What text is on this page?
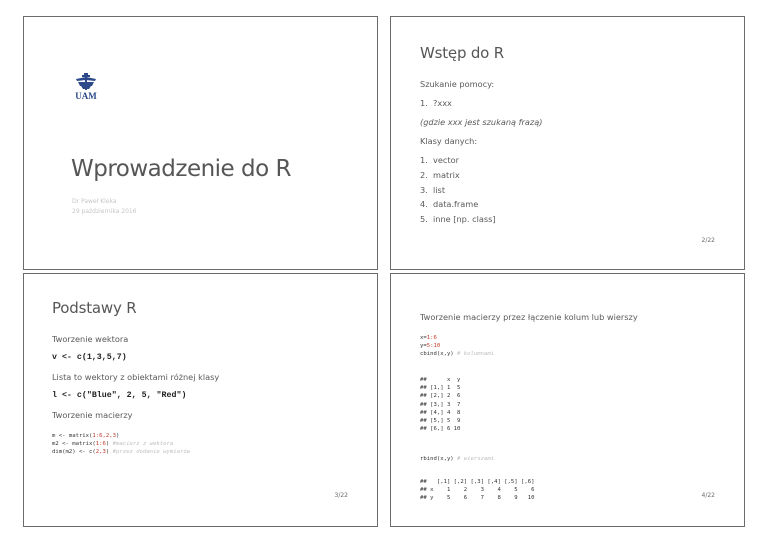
UAM
Wprowadzenie do R
Dr Paweł Kleka
29 października 2016
Wstęp do R
Szukanie pomocy:
1. ?xxx
(gdzie xxx jest szukaną frazą)
Klasy danych:
1. vector
2. matrix
3. list
4. data.frame
5. inne [np. class]
2/22
Podstawy R
Tworzenie wektora
v <- c(1,3,5,7)
Lista to wektory z obiektami różnej klasy
l <- c("Blue", 2, 5, "Red")
Tworzenie macierzy
m <- matrix(1:6,2,3)
m2 <- matrix(1:6) #macierz z wektora
dim(m2) <- c(2,3) #przez dodanie wymiarów
3/22
Tworzenie macierzy przez łączenie kolum lub wierszy
x=1:6
y=5:10
cbind(x,y) # kolumnami
##      x  y
## [1,] 1  5
## [2,] 2  6
## [3,] 3  7
## [4,] 4  8
## [5,] 5  9
## [6,] 6 10
rbind(x,y) # wierszami
##   [,1] [,2] [,3] [,4] [,5] [,6]
## x    1    2    3    4    5    6
## y    5    6    7    8    9   10	4/22
